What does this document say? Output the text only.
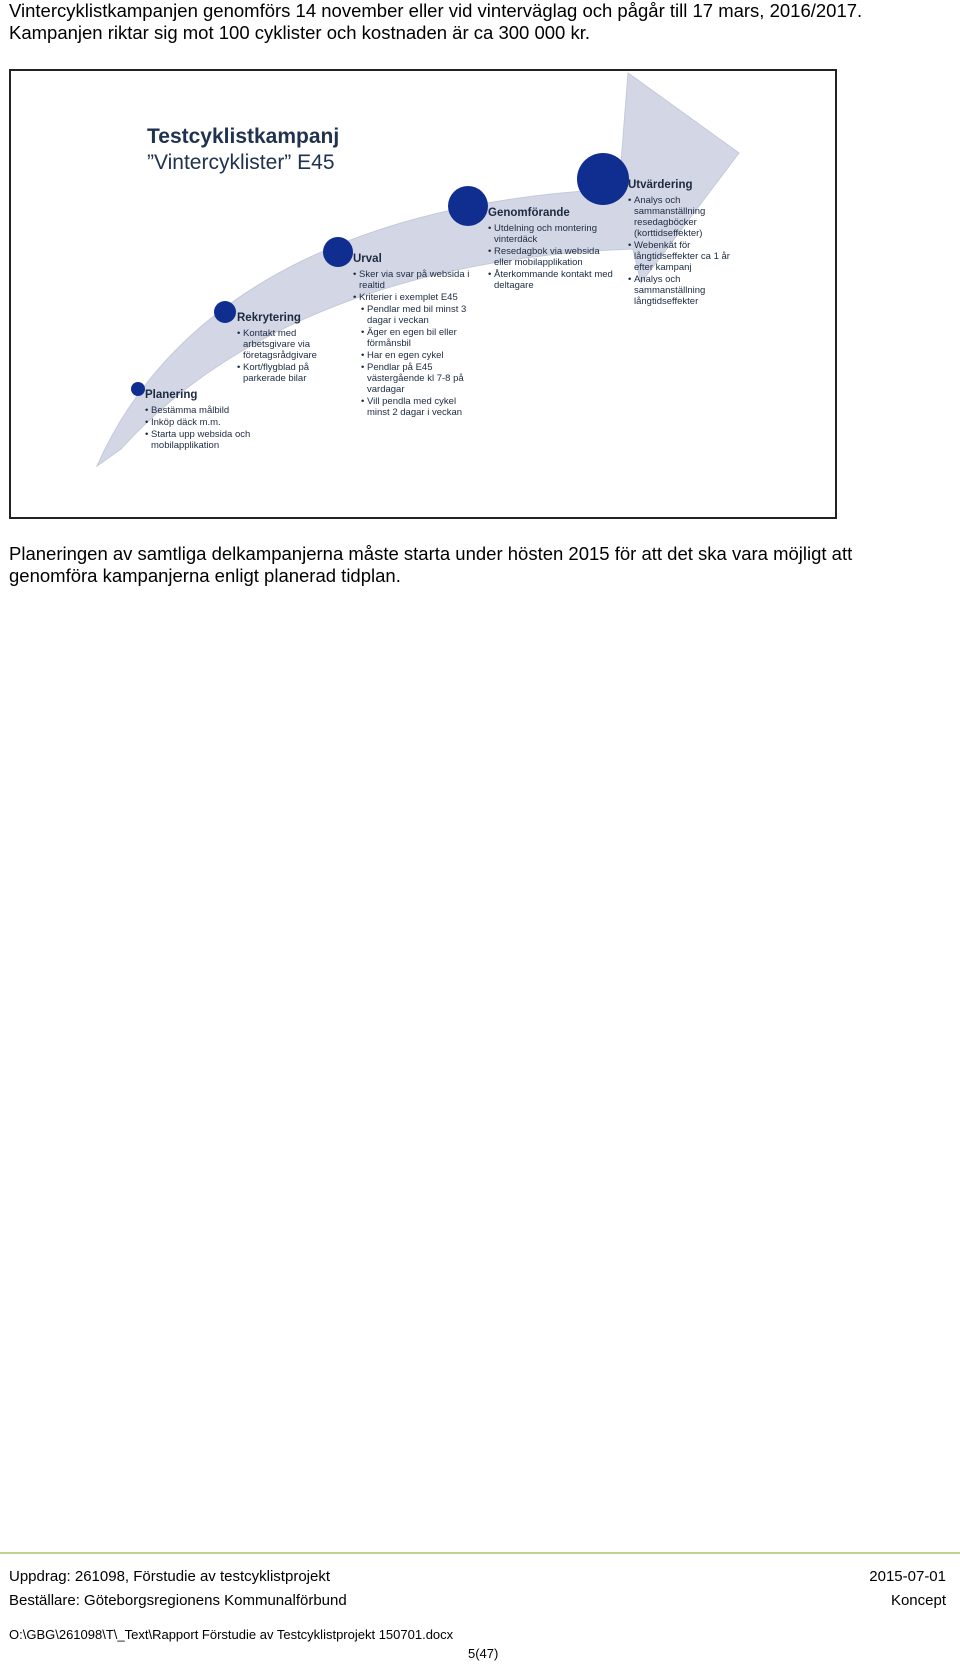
Vintercyklistkampanjen genomförs 14 november eller vid vinterväglag och pågår till 17 mars, 2016/2017.
Kampanjen riktar sig mot 100 cyklister och kostnaden är ca 300 000 kr.

Testcyklistkampanj
”Vintercyklister” E45
Planering
• Bestämma målbild
• Inköp däck m.m.
• Starta upp websida och mobilapplikation
Rekrytering
• Kontakt med arbetsgivare via företagsrådgivare
• Kort/flygblad på parkerade bilar
Urval
• Sker via svar på websida i realtid
• Kriterier i exemplet E45
• Pendlar med bil minst 3 dagar i veckan
• Äger en egen bil eller förmånsbil
• Har en egen cykel
• Pendlar på E45 västergående kl 7-8 på vardagar
• Vill pendla med cykel minst 2 dagar i veckan
Genomförande
• Utdelning och montering vinterdäck
• Resedagbok via websida eller mobilapplikation
• Återkommande kontakt med deltagare
Utvärdering
• Analys och sammanställning resedagböcker (korttidseffekter)
• Webenkät för långtidseffekter ca 1 år efter kampanj
• Analys och sammanställning långtidseffekter

Planeringen av samtliga delkampanjerna måste starta under hösten 2015 för att det ska vara möjligt att
genomföra kampanjerna enligt planerad tidplan.

Uppdrag: 261098, Förstudie av testcyklistprojekt
Beställare: Göteborgsregionens Kommunalförbund
2015-07-01
Koncept
O:\GBG\261098\T\_Text\Rapport Förstudie av Testcyklistprojekt 150701.docx
5(47)
